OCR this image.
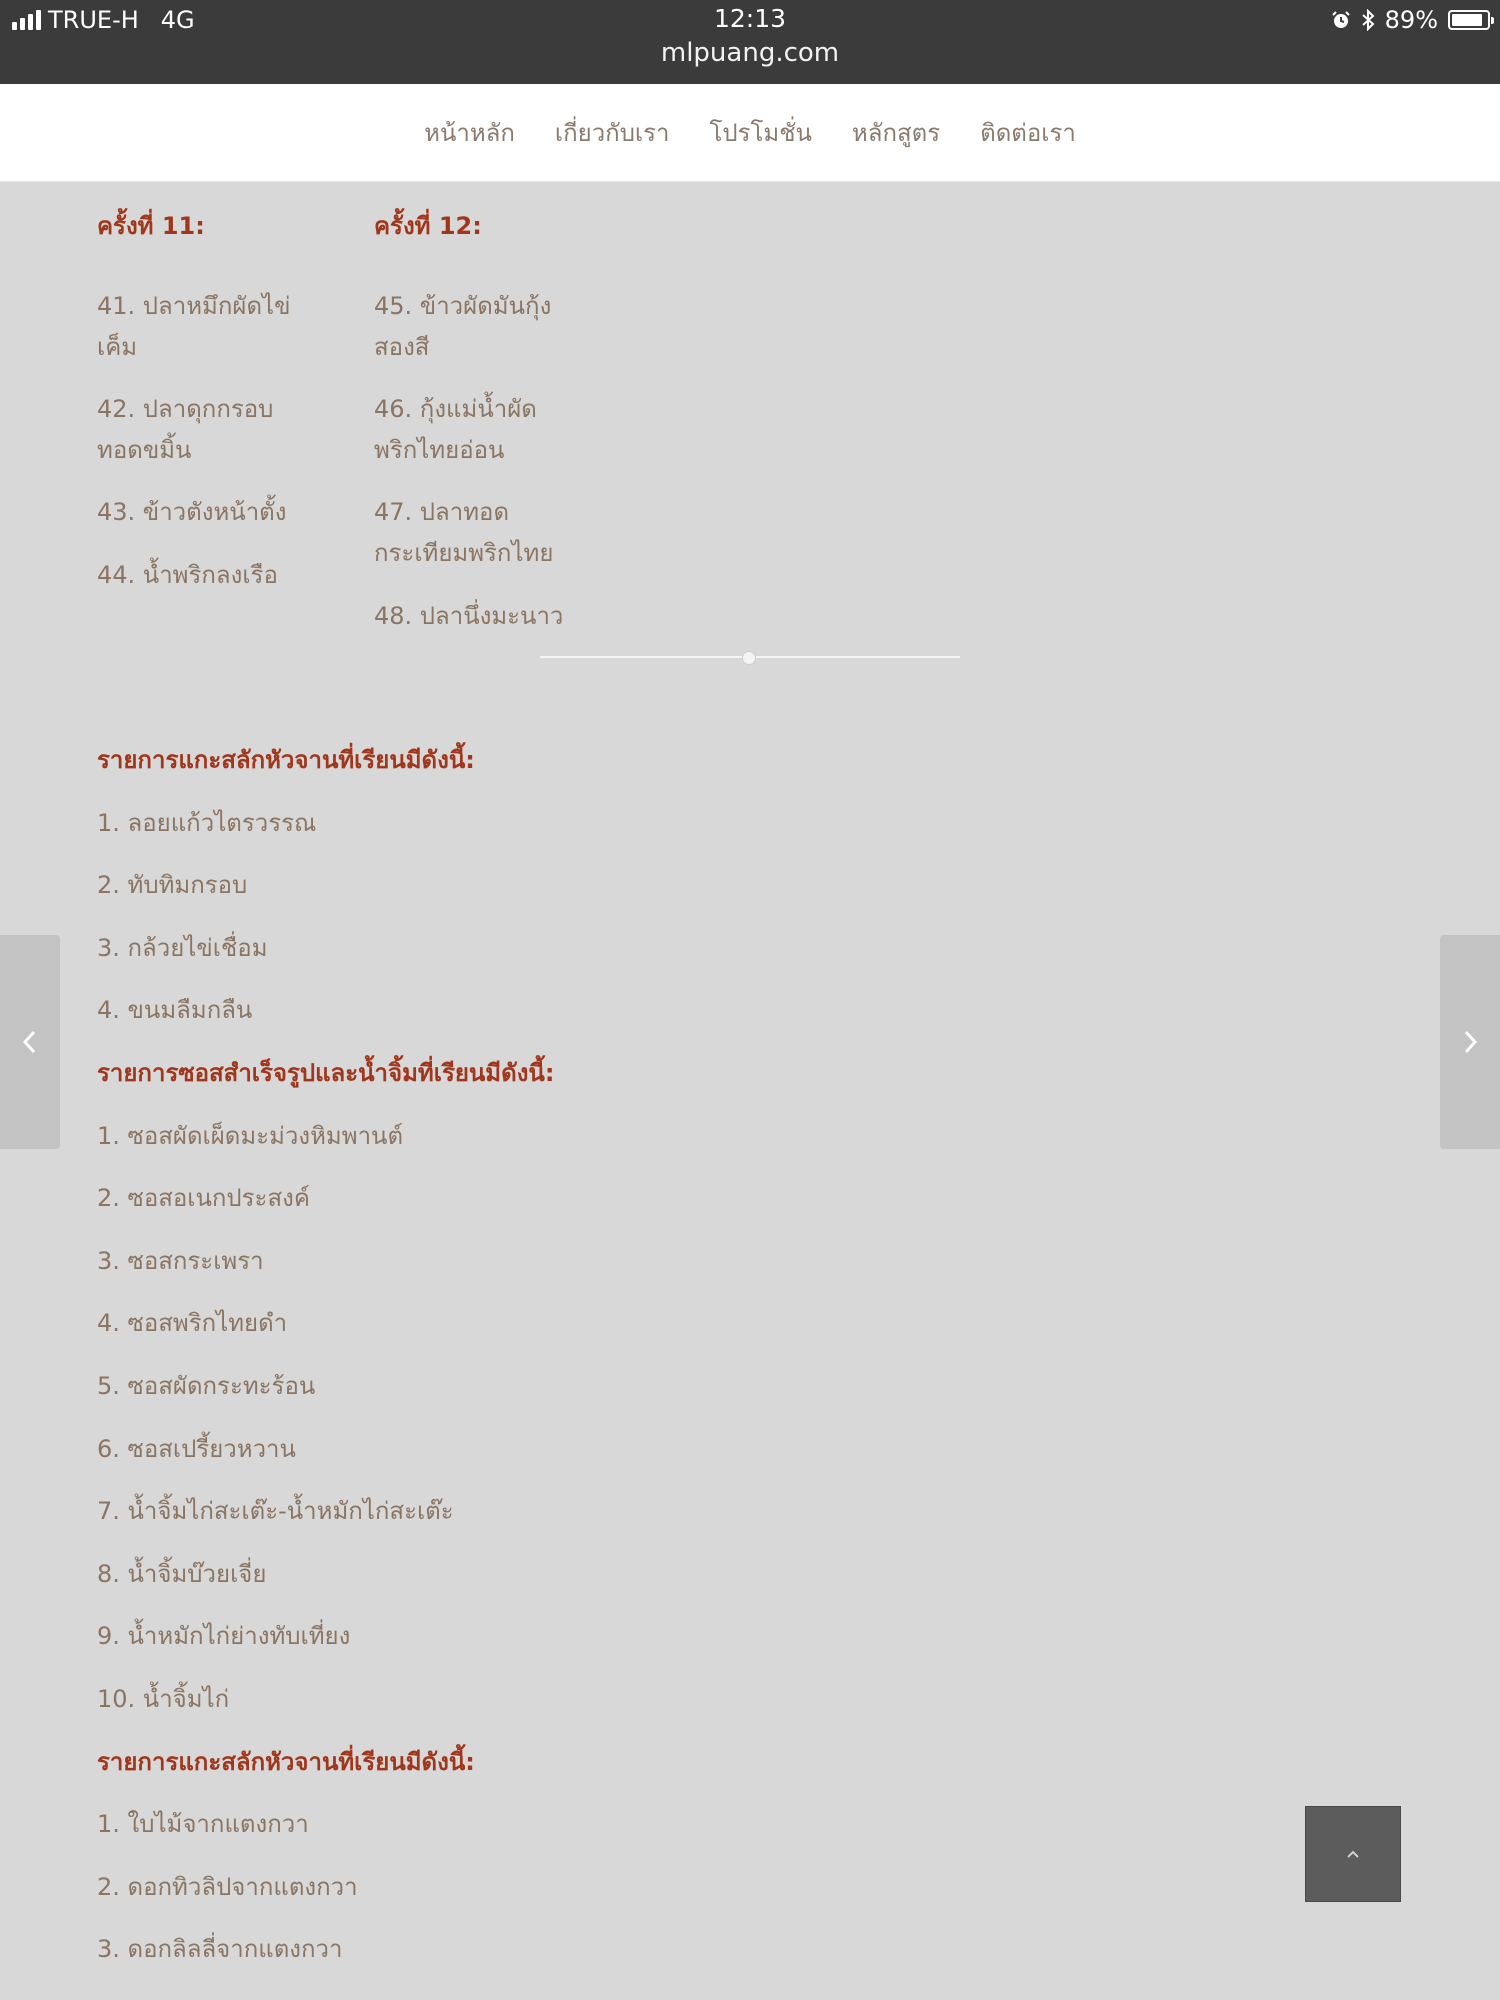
TRUE-H 4G	12:13
mlpuang.com
89%
หน้าหลัก เกี่ยวกับเรา โปรโมชั่น หลักสูตร ติดต่อเรา
ครั้งที่ 11:
41. ปลาหมึกผัดไข่
เค็ม
42. ปลาดุกกรอบ
ทอดขมิ้น
43. ข้าวตังหน้าตั้ง
44. น้ำพริกลงเรือ
ครั้งที่ 12:
45. ข้าวผัดมันกุ้ง
สองสี
46. กุ้งแม่น้ำผัด
พริกไทยอ่อน
47. ปลาทอด
กระเทียมพริกไทย
48. ปลานึ่งมะนาว
รายการแกะสลักหัวจานที่เรียนมีดังนี้:
1. ลอยแก้วไตรวรรณ
2. ทับทิมกรอบ
3. กล้วยไข่เชื่อม
4. ขนมลืมกลืน
รายการซอสสำเร็จรูปและน้ำจิ้มที่เรียนมีดังนี้:
1. ซอสผัดเผ็ดมะม่วงหิมพานต์
2. ซอสอเนกประสงค์
3. ซอสกระเพรา
4. ซอสพริกไทยดำ
5. ซอสผัดกระทะร้อน
6. ซอสเปรี้ยวหวาน
7. น้ำจิ้มไก่สะเต๊ะ-น้ำหมักไก่สะเต๊ะ
8. น้ำจิ้มบ๊วยเจี่ย
9. น้ำหมักไก่ย่างทับเที่ยง
10. น้ำจิ้มไก่
รายการแกะสลักหัวจานที่เรียนมีดังนี้:
1. ใบไม้จากแตงกวา
2. ดอกทิวลิปจากแตงกวา
3. ดอกลิลลี่จากแตงกวา
